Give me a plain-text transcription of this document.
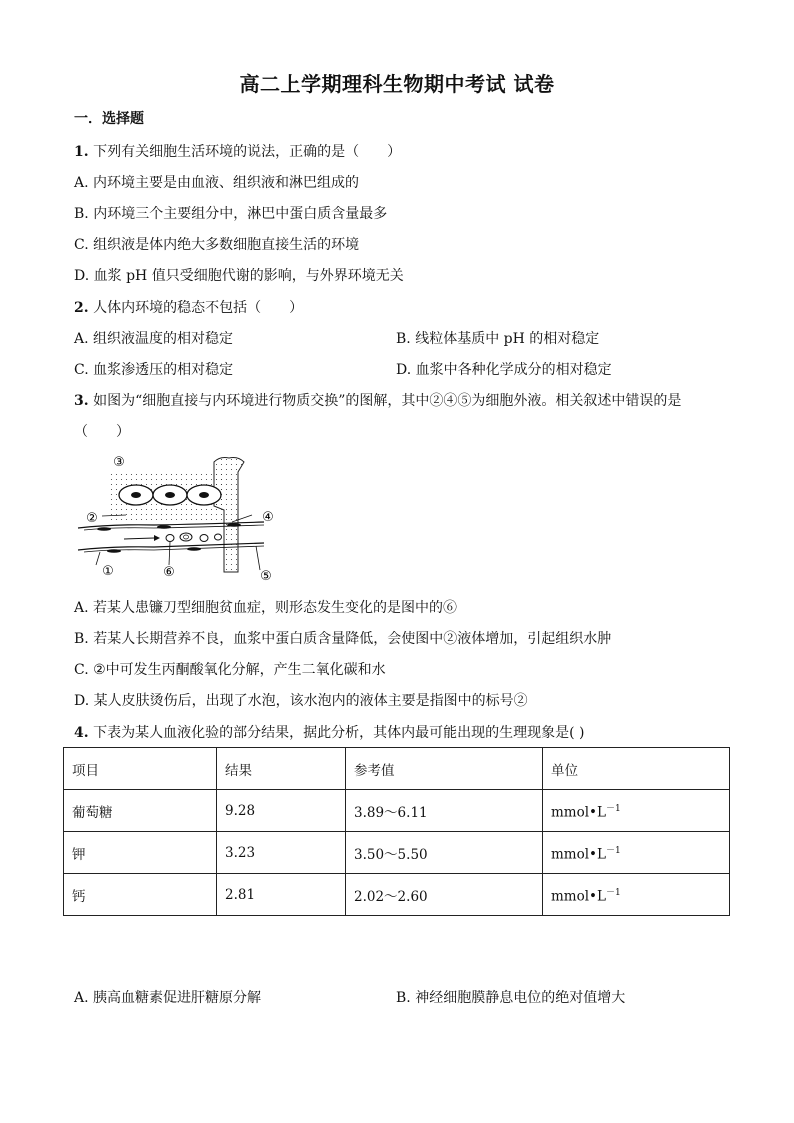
高二上学期理科生物期中考试 试卷
一．选择题
1. 下列有关细胞生活环境的说法，正确的是（　　）
A. 内环境主要是由血液、组织液和淋巴组成的
B. 内环境三个主要组分中，淋巴中蛋白质含量最多
C. 组织液是体内绝大多数细胞直接生活的环境
D. 血浆 pH 值只受细胞代谢的影响，与外界环境无关
2. 人体内环境的稳态不包括（　　）
A. 组织液温度的相对稳定	B. 线粒体基质中 pH 的相对稳定
C. 血浆渗透压的相对稳定	D. 血浆中各种化学成分的相对稳定
3. 如图为“细胞直接与内环境进行物质交换”的图解，其中②④⑤为细胞外液。相关叙述中错误的是
（　　）
③
②	④
①	⑥	⑤
A. 若某人患镰刀型细胞贫血症，则形态发生变化的是图中的⑥
B. 若某人长期营养不良，血浆中蛋白质含量降低，会使图中②液体增加，引起组织水肿
C. ②中可发生丙酮酸氧化分解，产生二氧化碳和水
D. 某人皮肤烫伤后，出现了水泡，该水泡内的液体主要是指图中的标号②
4. 下表为某人血液化验的部分结果，据此分析，其体内最可能出现的生理现象是( )
项目	结果	参考值	单位
葡萄糖	9.28	3.89～6.11	$mmol•L^{-1}$
钾	3.23	3.50～5.50	$mmol•L^{-1}$
钙	2.81	2.02～2.60	$mmol•L^{-1}$
A. 胰高血糖素促进肝糖原分解	B. 神经细胞膜静息电位的绝对值增大
